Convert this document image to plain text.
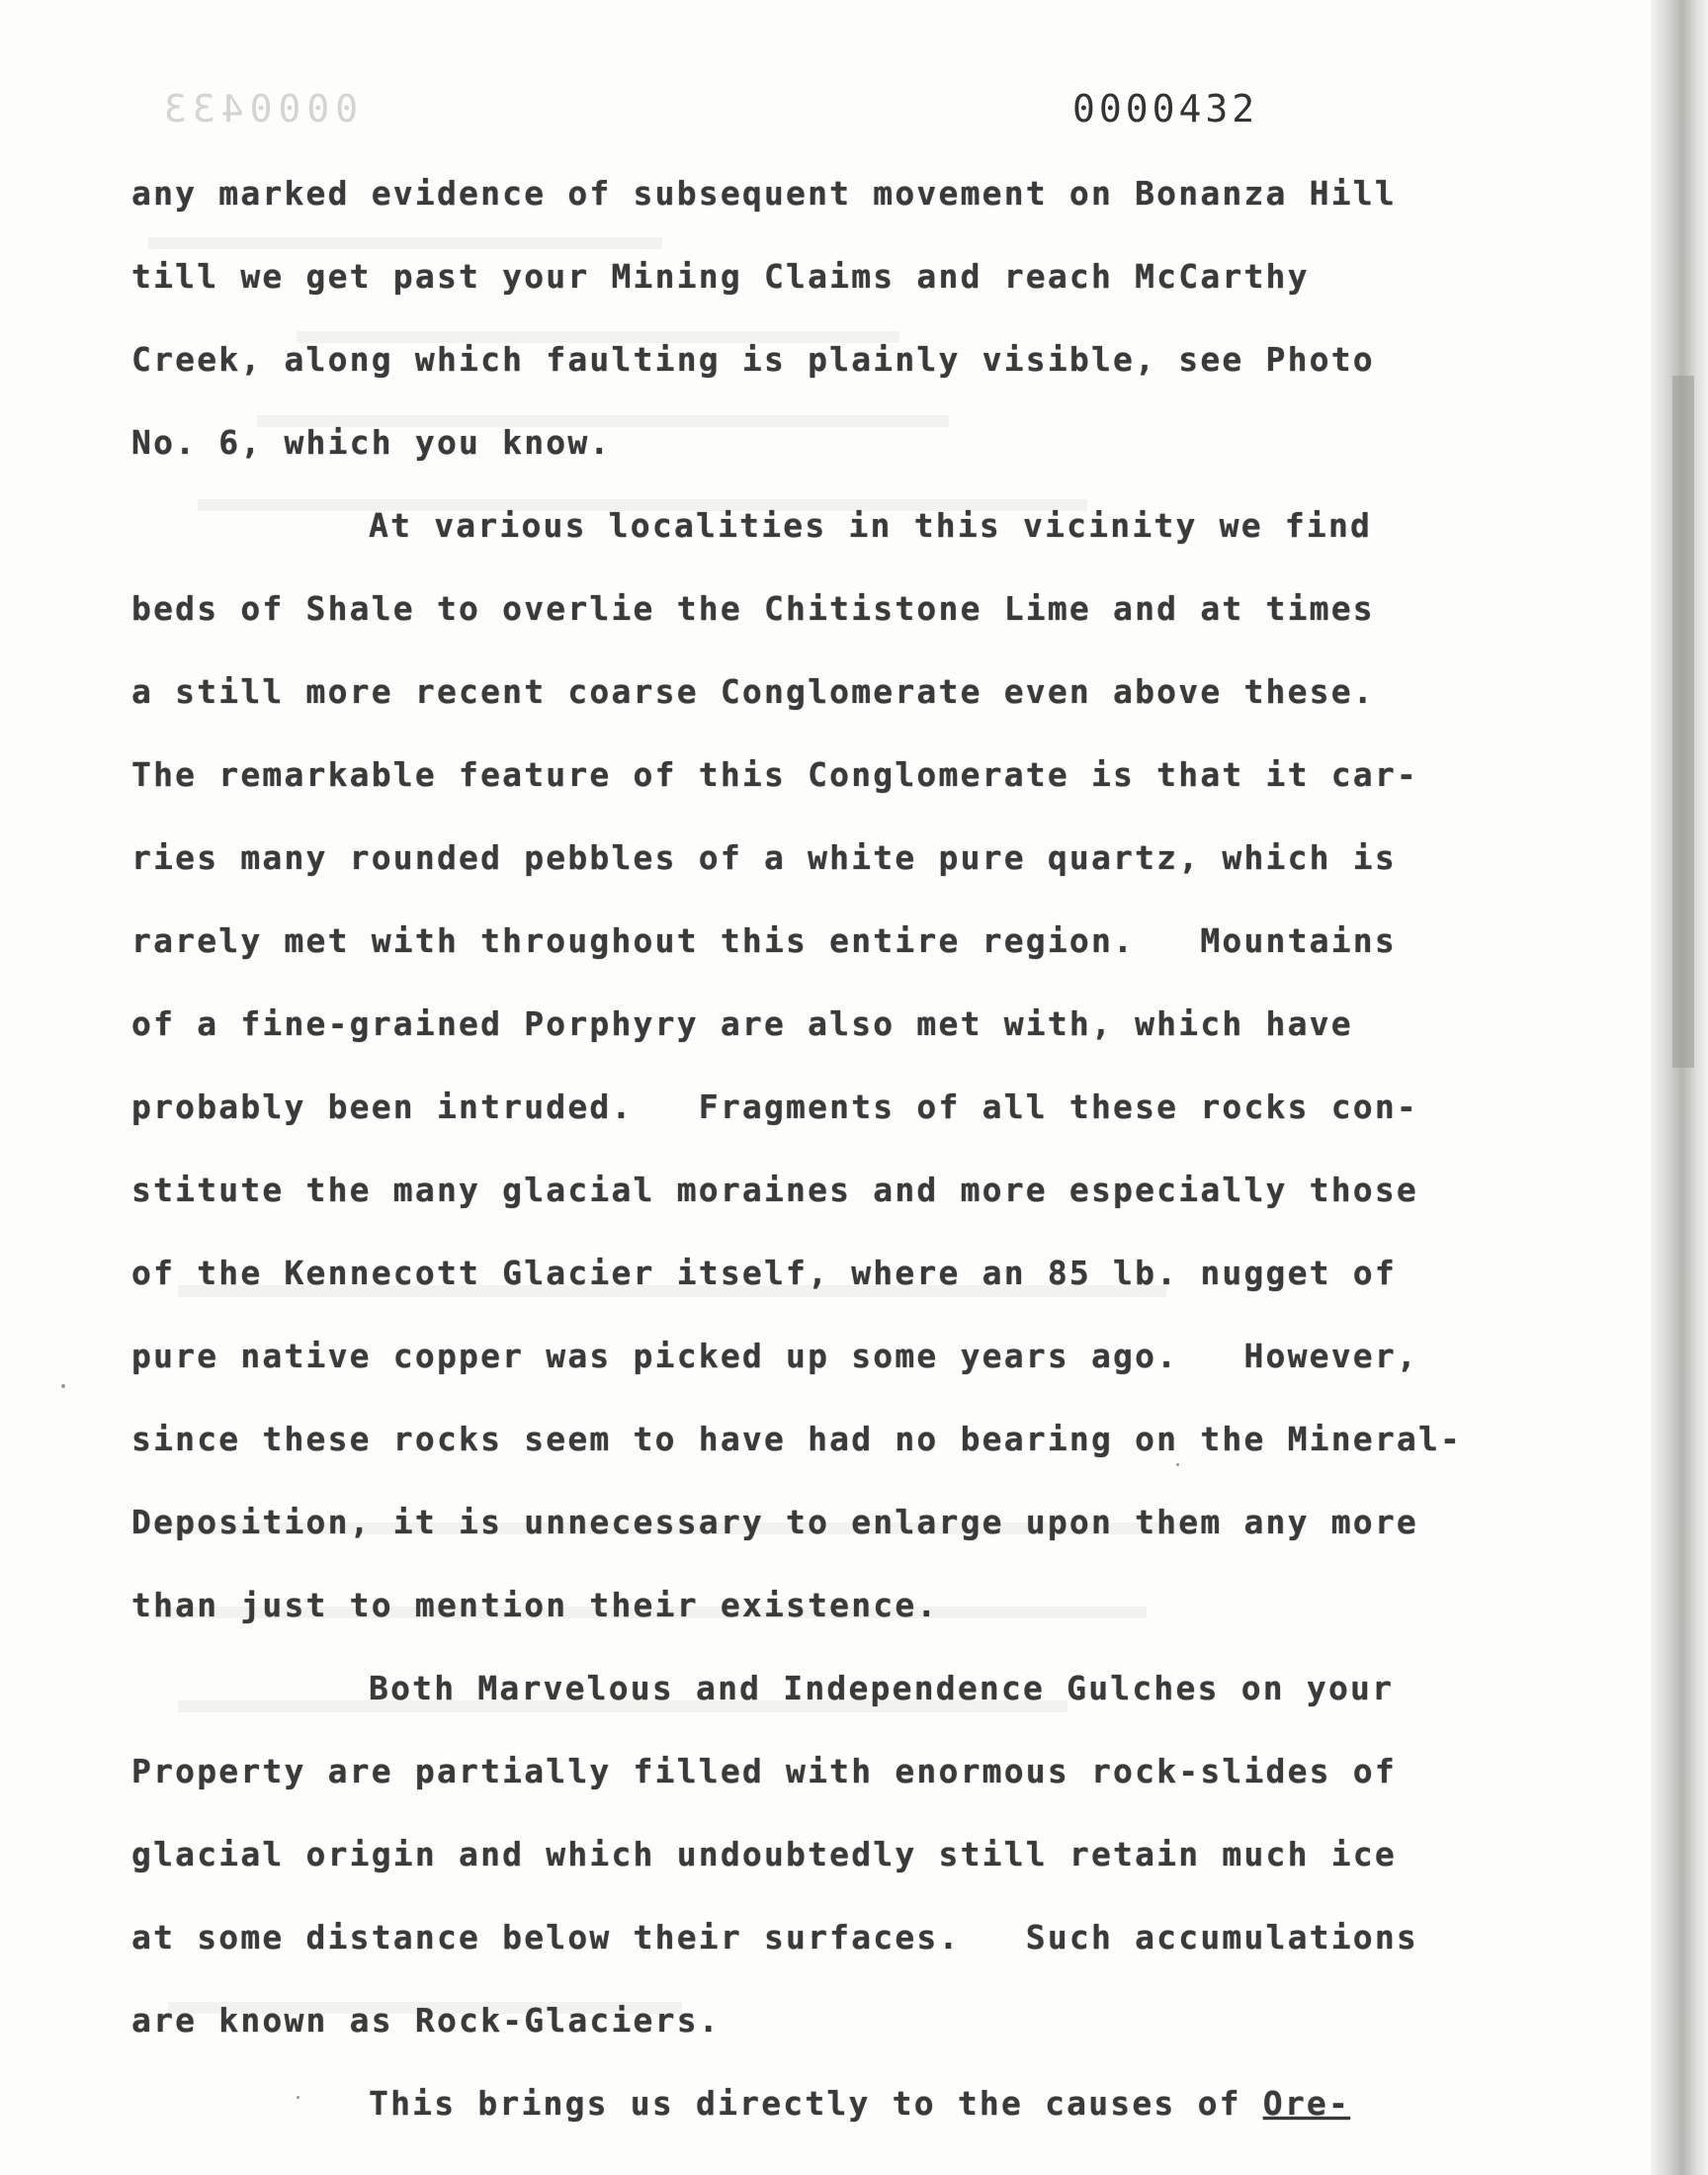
0000433	0000432
any marked evidence of subsequent movement on Bonanza Hill
till we get past your Mining Claims and reach McCarthy
Creek, along which faulting is plainly visible, see Photo
No. 6, which you know.
At various localities in this vicinity we find
beds of Shale to overlie the Chitistone Lime and at times
a still more recent coarse Conglomerate even above these.
The remarkable feature of this Conglomerate is that it car-
ries many rounded pebbles of a white pure quartz, which is
rarely met with throughout this entire region.   Mountains
of a fine-grained Porphyry are also met with, which have
probably been intruded.   Fragments of all these rocks con-
stitute the many glacial moraines and more especially those
of the Kennecott Glacier itself, where an 85 lb. nugget of
pure native copper was picked up some years ago.   However,
since these rocks seem to have had no bearing on the Mineral-
Deposition, it is unnecessary to enlarge upon them any more
than just to mention their existence.
Both Marvelous and Independence Gulches on your
Property are partially filled with enormous rock-slides of
glacial origin and which undoubtedly still retain much ice
at some distance below their surfaces.   Such accumulations
are known as Rock-Glaciers.
This brings us directly to the causes of Ore-
